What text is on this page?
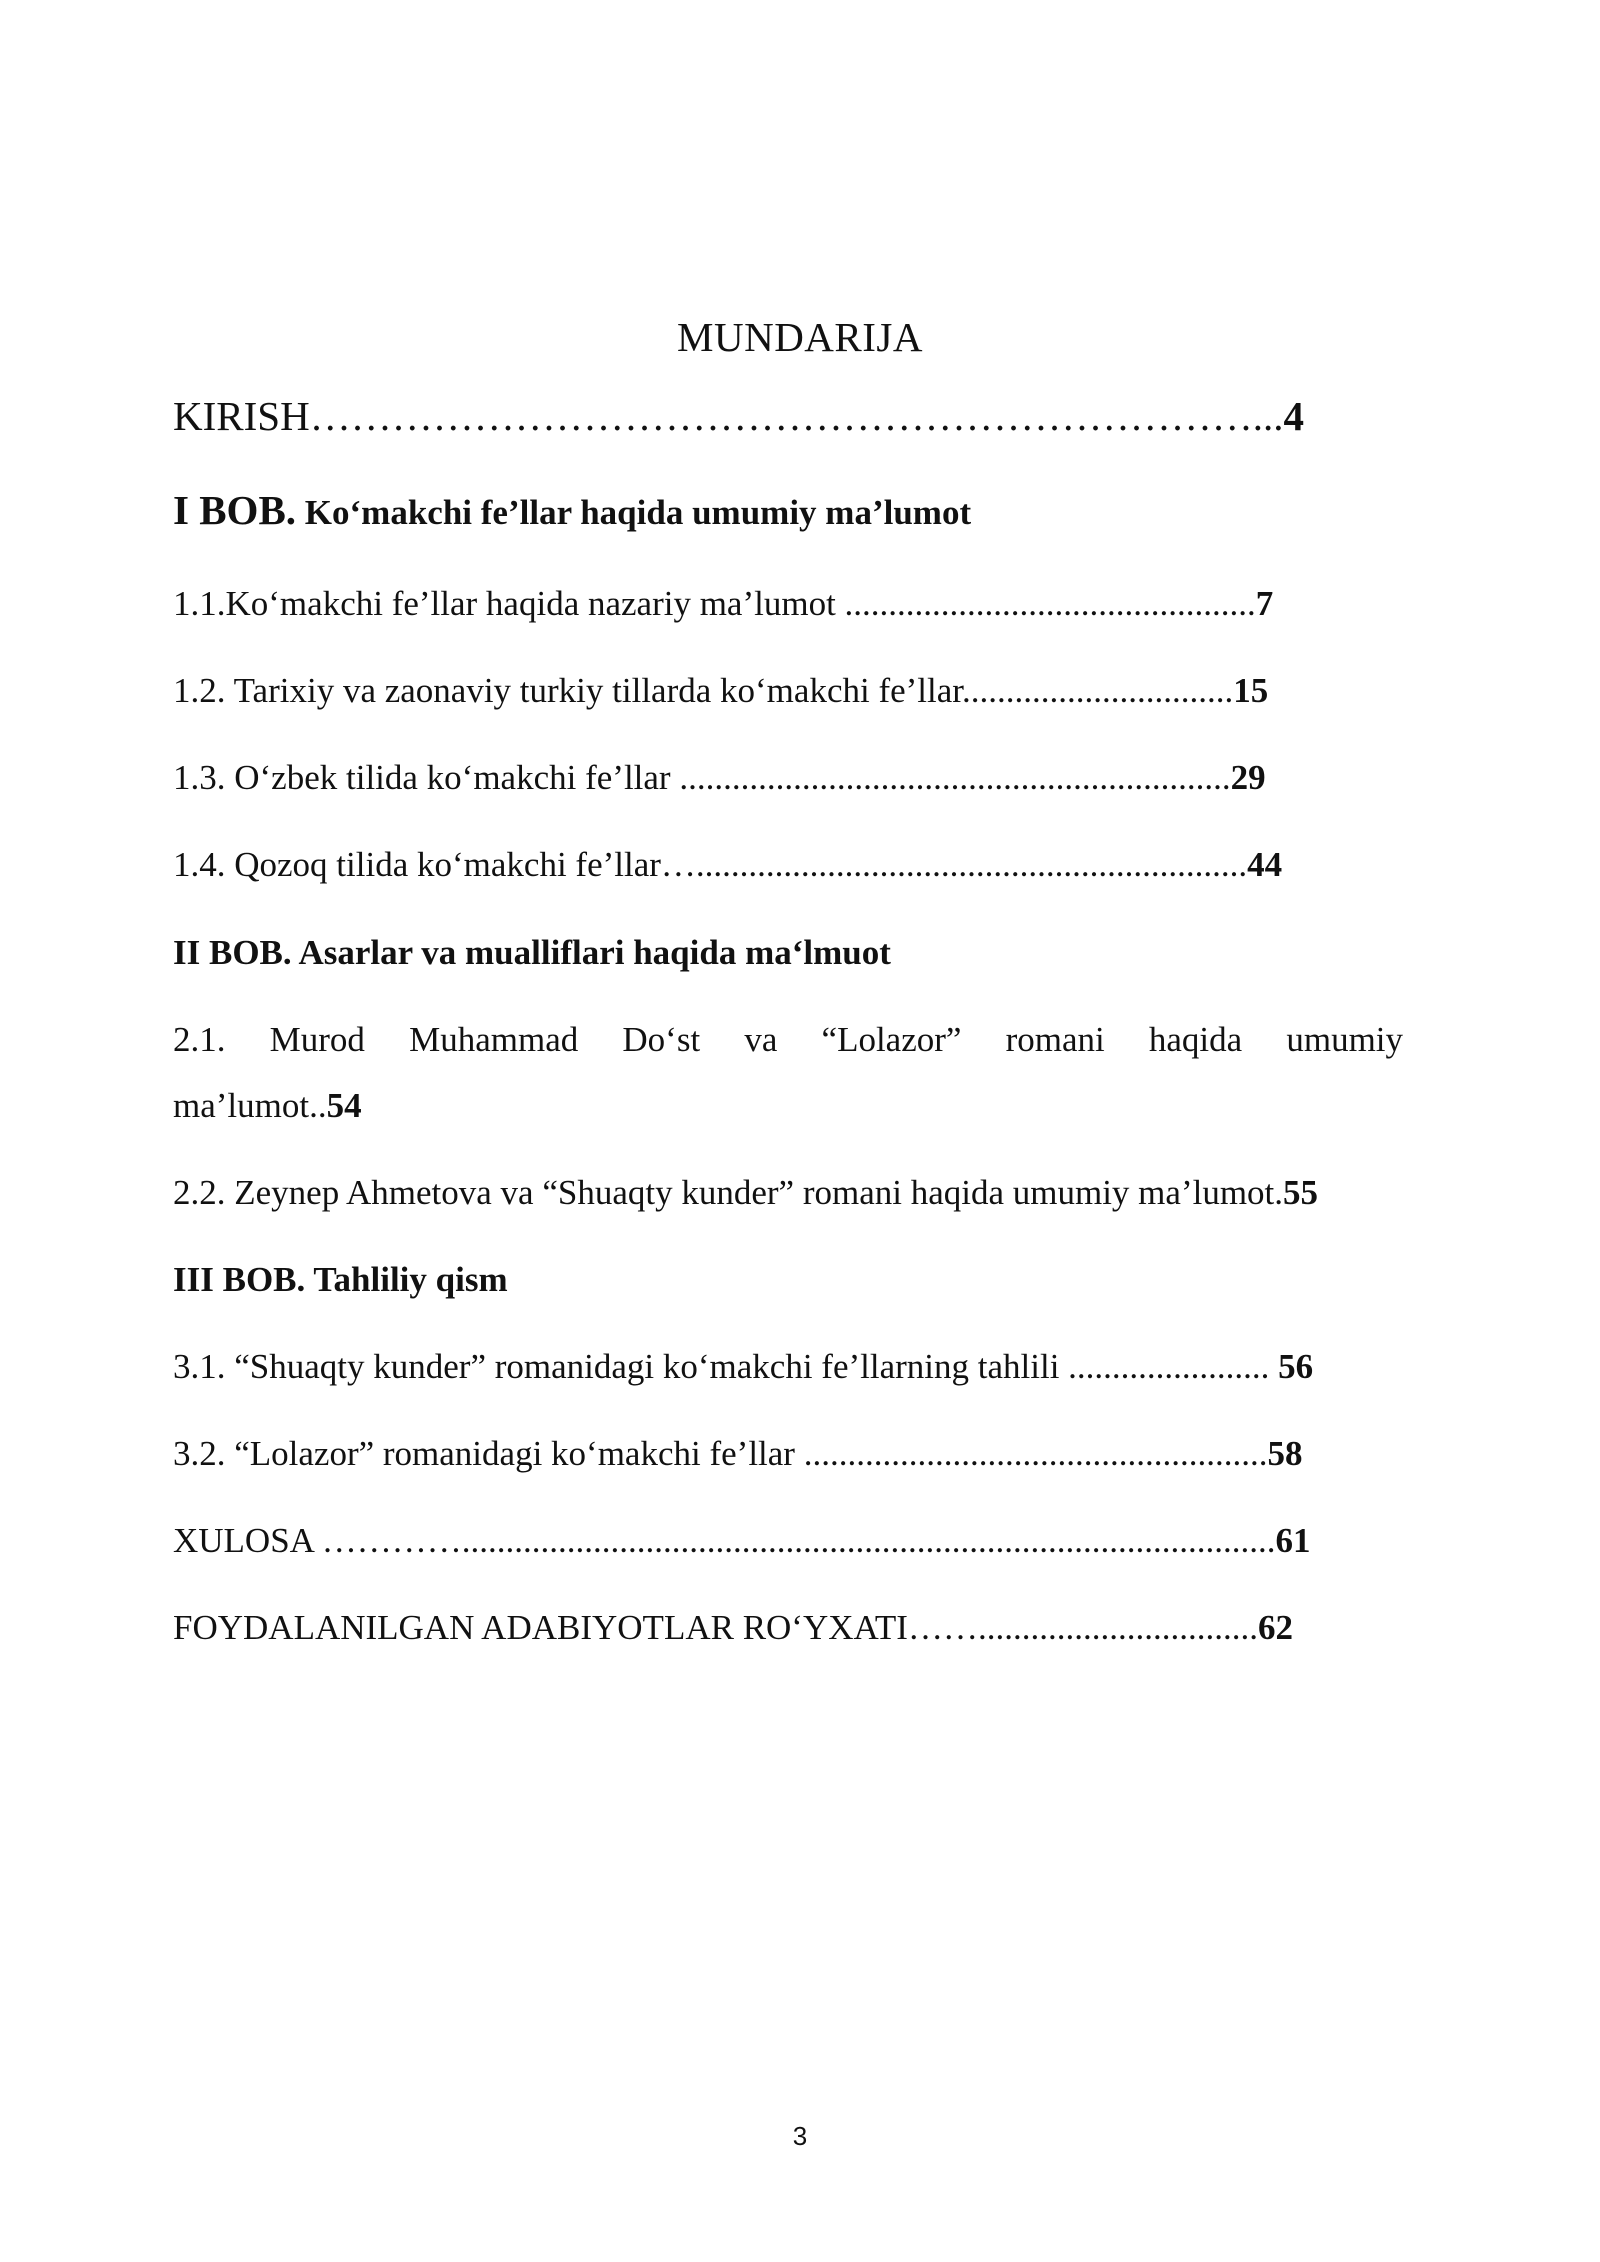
MUNDARIJA
KIRISH……………………………………………………………...4
I BOB. Ko‘makchi fe’llar haqida umumiy ma’lumot
1.1.Ko‘makchi fe’llar haqida nazariy ma’lumot ...............................................7
1.2. Tarixiy va zaonaviy turkiy tillarda ko‘makchi fe’llar...............................15
1.3. O‘zbek tilida ko‘makchi fe’llar ...............................................................29
1.4. Qozoq tilida ko‘makchi fe’llar…...............................................................44
II BOB. Asarlar va mualliflari haqida ma‘lmuot
2.1. Murod Muhammad Do‘st va “Lolazor” romani haqida umumiy
ma’lumot..54
2.2. Zeynep Ahmetova va “Shuaqty kunder” romani haqida umumiy ma’lumot.55
III BOB. Tahliliy qism
3.1. “Shuaqty kunder” romanidagi ko‘makchi fe’llarning tahlili ....................... 56
3.2. “Lolazor” romanidagi ko‘makchi fe’llar .....................................................58
XULOSA ………….............................................................................................61
FOYDALANILGAN ADABIYOTLAR RO‘YXATI……................................62
3
